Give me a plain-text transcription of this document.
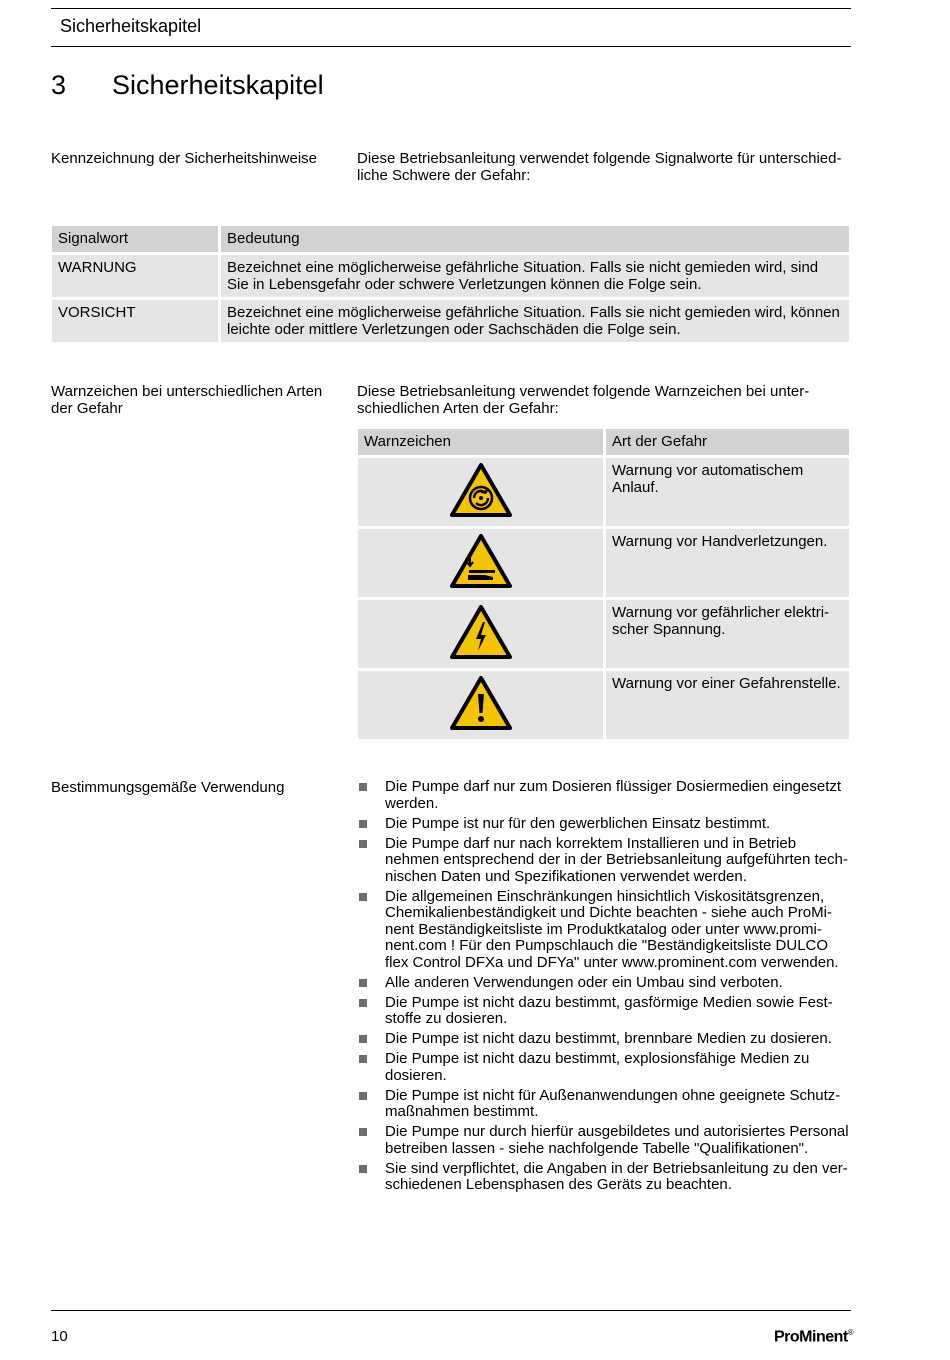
Sicherheitskapitel
3	Sicherheitskapitel
Kennzeichnung der Sicherheitshinweise	Diese Betriebsanleitung verwendet folgende Signalworte für unterschied-liche Schwere der Gefahr:
Signalwort	Bedeutung
WARNUNG	Bezeichnet eine möglicherweise gefährliche Situation. Falls sie nicht gemieden wird, sind Sie in Lebensgefahr oder schwere Verletzungen können die Folge sein.
VORSICHT	Bezeichnet eine möglicherweise gefährliche Situation. Falls sie nicht gemieden wird, können leichte oder mittlere Verletzungen oder Sachschäden die Folge sein.
Warnzeichen bei unterschiedlichen Arten der Gefahr
Diese Betriebsanleitung verwendet folgende Warnzeichen bei unter-schiedlichen Arten der Gefahr:
Warnzeichen	Art der Gefahr
	Warnung vor automatischem Anlauf.
	Warnung vor Handverletzungen.
	Warnung vor gefährlicher elektri-scher Spannung.
	Warnung vor einer Gefahrenstelle.
Bestimmungsgemäße Verwendung	Die Pumpe darf nur zum Dosieren flüssiger Dosiermedien eingesetzt werden.
Die Pumpe ist nur für den gewerblichen Einsatz bestimmt.
Die Pumpe darf nur nach korrektem Installieren und in Betrieb nehmen entsprechend der in der Betriebsanleitung aufgeführten tech-nischen Daten und Spezifikationen verwendet werden.
Die allgemeinen Einschränkungen hinsichtlich Viskositätsgrenzen, Chemikalienbeständigkeit und Dichte beachten - siehe auch ProMi-nent Beständigkeitsliste im Produktkatalog oder unter www.promi-nent.com ! Für den Pumpschlauch die "Beständigkeitsliste DULCO flex Control DFXa und DFYa" unter www.prominent.com verwenden.
Alle anderen Verwendungen oder ein Umbau sind verboten.
Die Pumpe ist nicht dazu bestimmt, gasförmige Medien sowie Fest-stoffe zu dosieren.
Die Pumpe ist nicht dazu bestimmt, brennbare Medien zu dosieren.
Die Pumpe ist nicht dazu bestimmt, explosionsfähige Medien zu dosieren.
Die Pumpe ist nicht für Außenanwendungen ohne geeignete Schutz-maßnahmen bestimmt.
Die Pumpe nur durch hierfür ausgebildetes und autorisiertes Personal betreiben lassen - siehe nachfolgende Tabelle "Qualifikationen".
Sie sind verpflichtet, die Angaben in der Betriebsanleitung zu den ver-schiedenen Lebensphasen des Geräts zu beachten.
10	ProMinent®
